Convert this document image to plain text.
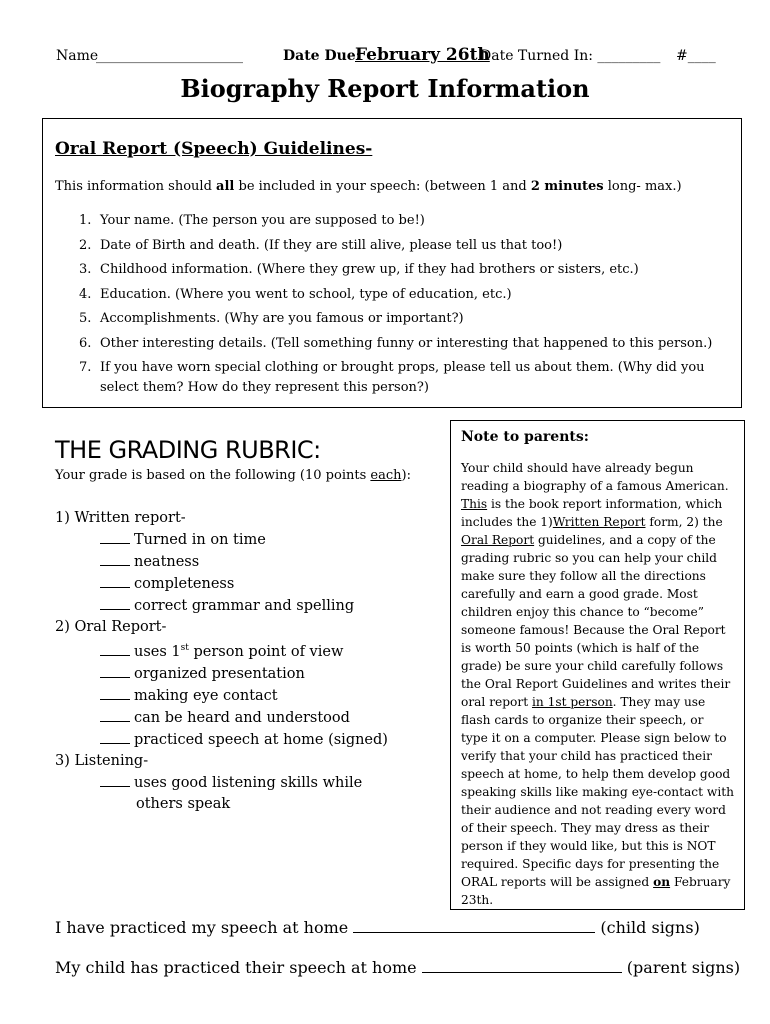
Name
_____________________	Date Due:
February 26th
Date Turned In: _________ #____
Biography Report Information
Oral Report (Speech) Guidelines-
This information should all be included in your speech: (between 1 and 2 minutes long- max.)
1. Your name. (The person you are supposed to be!)
2. Date of Birth and death. (If they are still alive, please tell us that too!)
3. Childhood information. (Where they grew up, if they had brothers or sisters, etc.)
4. Education. (Where you went to school, type of education, etc.)
5. Accomplishments. (Why are you famous or important?)
6. Other interesting details. (Tell something funny or interesting that happened to this person.)
7. If you have worn special clothing or brought props, please tell us about them. (Why did you select them? How do they represent this person?)
THE GRADING RUBRIC:
Your grade is based on the following (10 points each):
1) Written report-
Turned in on time
neatness
completeness
correct grammar and spelling
2) Oral Report-
uses 1st person point of view
organized presentation
making eye contact
can be heard and understood
practiced speech at home (signed)
3) Listening-
uses good listening skills while
others speak
Note to parents:
Your child should have already begun reading a biography of a famous American. This is the book report information, which includes the 1)Written Report form, 2) the Oral Report guidelines, and a copy of the grading rubric so you can help your child make sure they follow all the directions carefully and earn a good grade. Most children enjoy this chance to “become” someone famous! Because the Oral Report is worth 50 points (which is half of the grade) be sure your child carefully follows the Oral Report Guidelines and writes their oral report in 1st person. They may use flash cards to organize their speech, or type it on a computer. Please sign below to verify that your child has practiced their speech at home, to help them develop good speaking skills like making eye-contact with their audience and not reading every word of their speech. They may dress as their person if they would like, but this is NOT required. Specific days for presenting the ORAL reports will be assigned on February 23th.
I have practiced my speech at home	(child signs)
My child has practiced their speech at home	(parent signs)
